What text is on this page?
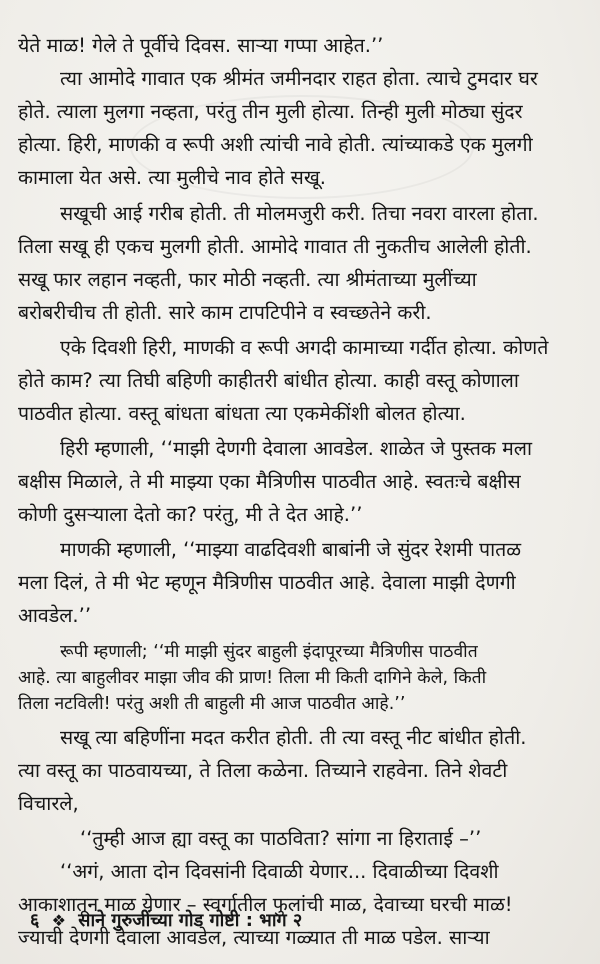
येते माळ! गेले ते पूर्वीचे दिवस. साऱ्या गप्पा आहेत.’’
त्या आमोदे गावात एक श्रीमंत जमीनदार राहत होता. त्याचे टुमदार घर
होते. त्याला मुलगा नव्हता, परंतु तीन मुली होत्या. तिन्ही मुली मोठ्या सुंदर
होत्या. हिरी, माणकी व रूपी अशी त्यांची नावे होती. त्यांच्याकडे एक मुलगी
कामाला येत असे. त्या मुलीचे नाव होते सखू.
सखूची आई गरीब होती. ती मोलमजुरी करी. तिचा नवरा वारला होता.
तिला सखू ही एकच मुलगी होती. आमोदे गावात ती नुकतीच आलेली होती.
सखू फार लहान नव्हती, फार मोठी नव्हती. त्या श्रीमंताच्या मुलींच्या
बरोबरीचीच ती होती. सारे काम टापटिपीने व स्वच्छतेने करी.
एके दिवशी हिरी, माणकी व रूपी अगदी कामाच्या गर्दीत होत्या. कोणते
होते काम? त्या तिघी बहिणी काहीतरी बांधीत होत्या. काही वस्तू कोणाला
पाठवीत होत्या. वस्तू बांधता बांधता त्या एकमेकींशी बोलत होत्या.
हिरी म्हणाली, ‘‘माझी देणगी देवाला आवडेल. शाळेत जे पुस्तक मला
बक्षीस मिळाले, ते मी माझ्या एका मैत्रिणीस पाठवीत आहे. स्वतःचे बक्षीस
कोणी दुसऱ्याला देतो का? परंतु, मी ते देत आहे.’’
माणकी म्हणाली, ‘‘माझ्या वाढदिवशी बाबांनी जे सुंदर रेशमी पातळ
मला दिलं, ते मी भेट म्हणून मैत्रिणीस पाठवीत आहे. देवाला माझी देणगी
आवडेल.’’
रूपी म्हणाली; ‘‘मी माझी सुंदर बाहुली इंदापूरच्या मैत्रिणीस पाठवीत
आहे. त्या बाहुलीवर माझा जीव की प्राण! तिला मी किती दागिने केले, किती
तिला नटविली! परंतु अशी ती बाहुली मी आज पाठवीत आहे.’’
सखू त्या बहिणींना मदत करीत होती. ती त्या वस्तू नीट बांधीत होती.
त्या वस्तू का पाठवायच्या, ते तिला कळेना. तिच्याने राहवेना. तिने शेवटी
विचारले,
‘‘तुम्ही आज ह्या वस्तू का पाठविता? सांगा ना हिराताई –’’
‘‘अगं, आता दोन दिवसांनी दिवाळी येणार... दिवाळीच्या दिवशी
आकाशातून माळ येणार – स्वर्गातील फुलांची माळ, देवाच्या घरची माळ!
ज्याची देणगी देवाला आवडेल, त्याच्या गळ्यात ती माळ पडेल. साऱ्या
६ ❖ साने गुरुजींच्या गोड गोष्टी : भाग २
